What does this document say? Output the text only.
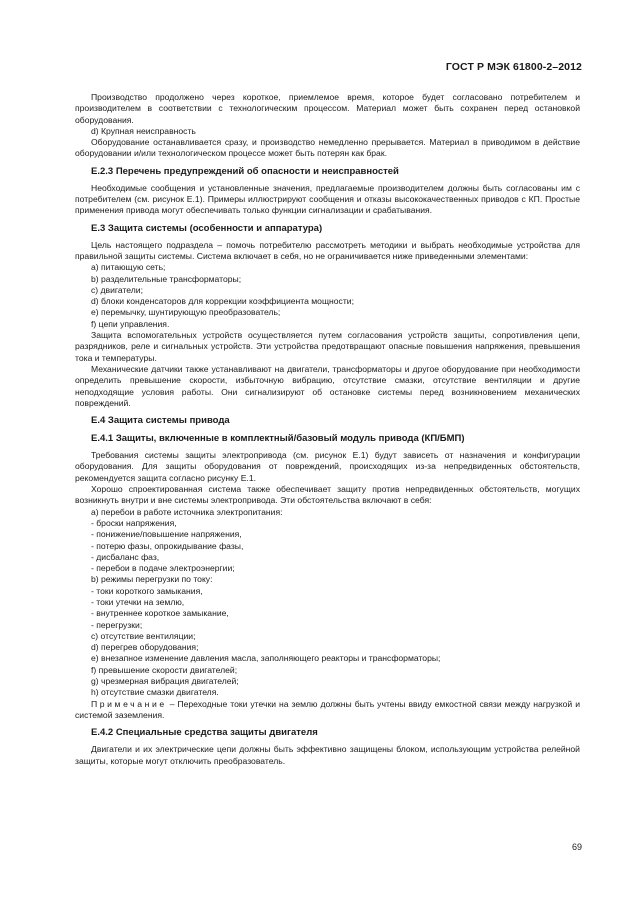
ГОСТ Р МЭК 61800-2–2012

Производство продолжено через короткое, приемлемое время, которое будет согласовано потребителем и производителем в соответствии с технологическим процессом. Материал может быть сохранен перед остановкой оборудования.

d) Крупная неисправность

Оборудование останавливается сразу, и производство немедленно прерывается. Материал в приводимом в действие оборудовании и/или технологическом процессе может быть потерян как брак.

Е.2.3 Перечень предупреждений об опасности и неисправностей

Необходимые сообщения и установленные значения, предлагаемые производителем должны быть согласованы им с потребителем (см. рисунок Е.1). Примеры иллюстрируют сообщения и отказы высококачественных приводов с КП. Простые применения привода могут обеспечивать только функции сигнализации и срабатывания.

Е.3 Защита системы (особенности и аппаратура)

Цель настоящего подраздела – помочь потребителю рассмотреть методики и выбрать необходимые устройства для правильной защиты системы. Система включает в себя, но не ограничивается ниже приведенными элементами:

а) питающую сеть;

b) разделительные трансформаторы;

c) двигатели;

d) блоки конденсаторов для коррекции коэффициента мощности;

e) перемычку, шунтирующую преобразователь;

f) цепи управления.

Защита вспомогательных устройств осуществляется путем согласования устройств защиты, сопротивления цепи, разрядников, реле и сигнальных устройств. Эти устройства предотвращают опасные повышения напряжения, превышения тока и температуры.

Механические датчики также устанавливают на двигатели, трансформаторы и другое оборудование при необходимости определить превышение скорости, избыточную вибрацию, отсутствие смазки, отсутствие вентиляции и другие неподходящие условия работы. Они сигнализируют об остановке системы перед возникновением механических повреждений.

Е.4 Защита системы привода
Е.4.1 Защиты, включенные в комплектный/базовый модуль привода (КП/БМП)

Требования системы защиты электропривода (см. рисунок Е.1) будут зависеть от назначения и конфигурации оборудования. Для защиты оборудования от повреждений, происходящих из-за непредвиденных обстоятельств, рекомендуется защита согласно рисунку Е.1.

Хорошо спроектированная система также обеспечивает защиту против непредвиденных обстоятельств, могущих возникнуть внутри и вне системы электропривода. Эти обстоятельства включают в себя:

а) перебои в работе источника электропитания:

- броски напряжения,

- понижение/повышение напряжения,

- потерю фазы, опрокидывание фазы,

- дисбаланс фаз,

- перебои в подаче электроэнергии;

b) режимы перегрузки по току:

- токи короткого замыкания,

- токи утечки на землю,

- внутреннее короткое замыкание,

- перегрузки;

c) отсутствие вентиляции;

d) перегрев оборудования;

e) внезапное изменение давления масла, заполняющего реакторы и трансформаторы;

f) превышение скорости двигателей;

g) чрезмерная вибрация двигателей;

h) отсутствие смазки двигателя.

Примечание – Переходные токи утечки на землю должны быть учтены ввиду емкостной связи между нагрузкой и системой заземления.

Е.4.2 Специальные средства защиты двигателя

Двигатели и их электрические цепи должны быть эффективно защищены блоком, использующим устройства релейной защиты, которые могут отключить преобразователь.

69
